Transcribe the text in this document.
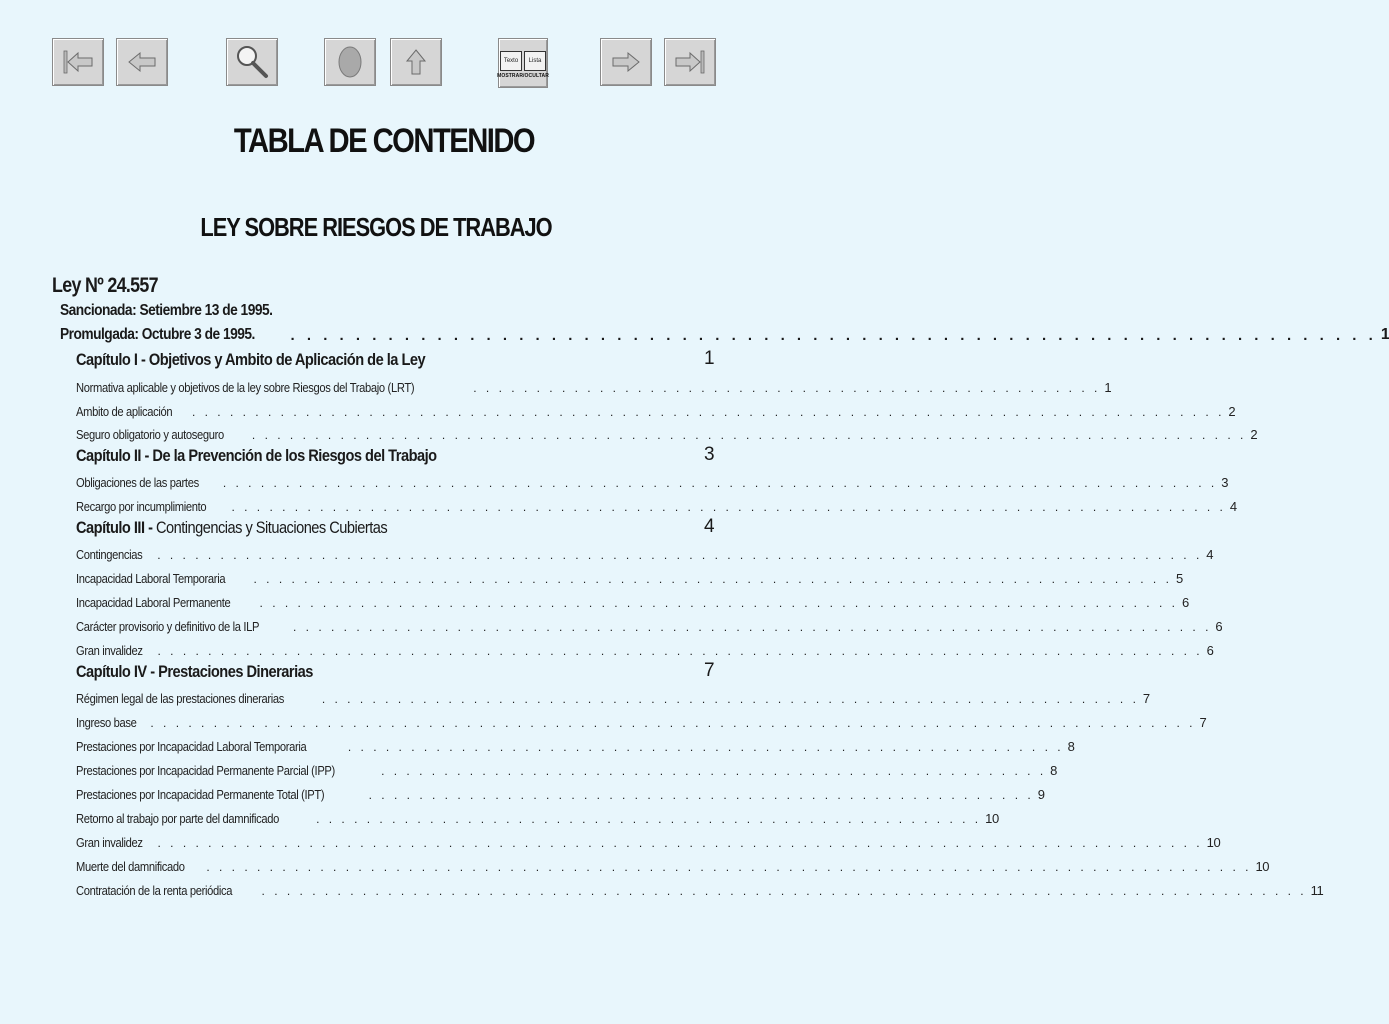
Texto	Lista
MOSTRAR/OCULTAR
TABLA DE CONTENIDO
LEY SOBRE RIESGOS DE TRABAJO
Ley Nº 24.557
Sancionada: Setiembre 13 de 1995.
Promulgada: Octubre 3 de 1995. . . . . . . . . . . . . . . . . . . . . . . . . . . . . . . . . . . . . . . . . . . . . . . . . . . . . . . . . . . . . . . . . . . . 1
Capítulo I - Objetivos y Ambito de Aplicación de la Ley	1
Normativa aplicable y objetivos de la ley sobre Riesgos del Trabajo (LRT)	. . . . . . . . . . . . . . . . . . . . . . . . . . . . . . . . . . . . . . . . . . . . . . . . . . 1
Ambito de aplicación . . . . . . . . . . . . . . . . . . . . . . . . . . . . . . . . . . . . . . . . . . . . . . . . . . . . . . . . . . . . . . . . . . . . . . . . . . . . . . . . . . 2
Seguro obligatorio y autoseguro . . . . . . . . . . . . . . . . . . . . . . . . . . . . . . . . . . . . . . . . . . . . . . . . . . . . . . . . . . . . . . . . . . . . . . . . . . . . . . . 2
Capítulo II - De la Prevención de los Riesgos del Trabajo	3
Obligaciones de las partes . . . . . . . . . . . . . . . . . . . . . . . . . . . . . . . . . . . . . . . . . . . . . . . . . . . . . . . . . . . . . . . . . . . . . . . . . . . . . . . 3
Recargo por incumplimiento . . . . . . . . . . . . . . . . . . . . . . . . . . . . . . . . . . . . . . . . . . . . . . . . . . . . . . . . . . . . . . . . . . . . . . . . . . . . . . . 4
Capítulo III - Contingencias y Situaciones Cubiertas	4
Contingencias . . . . . . . . . . . . . . . . . . . . . . . . . . . . . . . . . . . . . . . . . . . . . . . . . . . . . . . . . . . . . . . . . . . . . . . . . . . . . . . . . . . 4
Incapacidad Laboral Temporaria . . . . . . . . . . . . . . . . . . . . . . . . . . . . . . . . . . . . . . . . . . . . . . . . . . . . . . . . . . . . . . . . . . . . . . . . . 5
Incapacidad Laboral Permanente . . . . . . . . . . . . . . . . . . . . . . . . . . . . . . . . . . . . . . . . . . . . . . . . . . . . . . . . . . . . . . . . . . . . . . . . . 6
Carácter provisorio y definitivo de la ILP	. . . . . . . . . . . . . . . . . . . . . . . . . . . . . . . . . . . . . . . . . . . . . . . . . . . . . . . . . . . . . . . . . . . . . . . . . 6
Gran invalidez . . . . . . . . . . . . . . . . . . . . . . . . . . . . . . . . . . . . . . . . . . . . . . . . . . . . . . . . . . . . . . . . . . . . . . . . . . . . . . . . . . . 6
Capítulo IV - Prestaciones Dinerarias	7
Régimen legal de las prestaciones dinerarias	. . . . . . . . . . . . . . . . . . . . . . . . . . . . . . . . . . . . . . . . . . . . . . . . . . . . . . . . . . . . . . . . . 7
Ingreso base . . . . . . . . . . . . . . . . . . . . . . . . . . . . . . . . . . . . . . . . . . . . . . . . . . . . . . . . . . . . . . . . . . . . . . . . . . . . . . . . . . . 7
Prestaciones por Incapacidad Laboral Temporaria	. . . . . . . . . . . . . . . . . . . . . . . . . . . . . . . . . . . . . . . . . . . . . . . . . . . . . . . . . 8
Prestaciones por Incapacidad Permanente Parcial (IPP)	. . . . . . . . . . . . . . . . . . . . . . . . . . . . . . . . . . . . . . . . . . . . . . . . . . . . . 8
Prestaciones por Incapacidad Permanente Total (IPT)	. . . . . . . . . . . . . . . . . . . . . . . . . . . . . . . . . . . . . . . . . . . . . . . . . . . . . 9
Retorno al trabajo por parte del damnificado	. . . . . . . . . . . . . . . . . . . . . . . . . . . . . . . . . . . . . . . . . . . . . . . . . . . . . 10
Gran invalidez . . . . . . . . . . . . . . . . . . . . . . . . . . . . . . . . . . . . . . . . . . . . . . . . . . . . . . . . . . . . . . . . . . . . . . . . . . . . . . . . . . . 10
Muerte del damnificado . . . . . . . . . . . . . . . . . . . . . . . . . . . . . . . . . . . . . . . . . . . . . . . . . . . . . . . . . . . . . . . . . . . . . . . . . . . . . . . . . . . 10
Contratación de la renta periódica . . . . . . . . . . . . . . . . . . . . . . . . . . . . . . . . . . . . . . . . . . . . . . . . . . . . . . . . . . . . . . . . . . . . . . . . . . . . . . . . . . . 11
